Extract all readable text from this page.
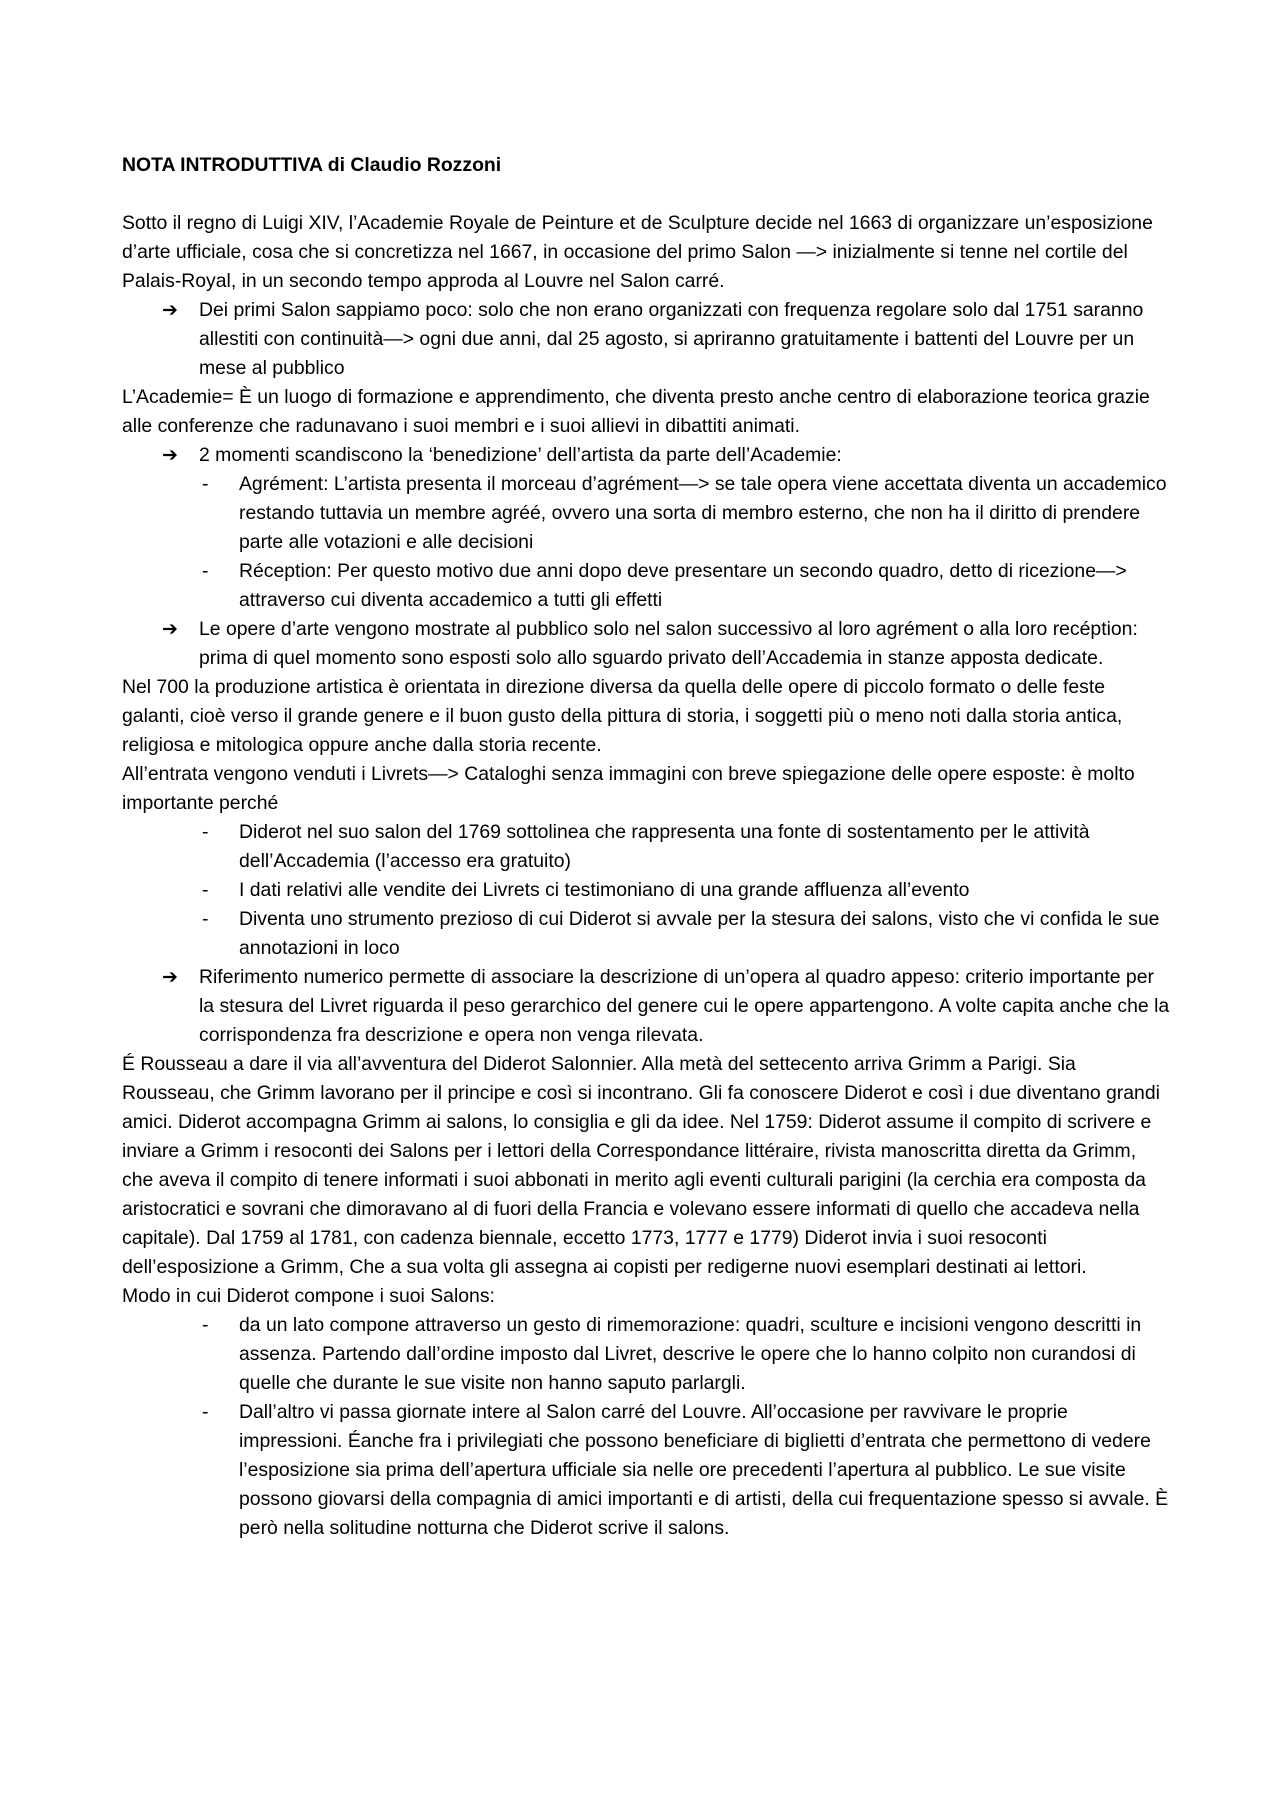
NOTA INTRODUTTIVA di Claudio Rozzoni

Sotto il regno di Luigi XIV, l’Academie Royale de Peinture et de Sculpture decide nel 1663 di organizzare un’esposizione d’arte ufficiale, cosa che si concretizza nel 1667, in occasione del primo Salon —> inizialmente si tenne nel cortile del Palais-Royal, in un secondo tempo approda al Louvre nel Salon carré.
➔ Dei primi Salon sappiamo poco: solo che non erano organizzati con frequenza regolare solo dal 1751 saranno allestiti con continuità—> ogni due anni, dal 25 agosto, si apriranno gratuitamente i battenti del Louvre per un mese al pubblico
L’Academie= È un luogo di formazione e apprendimento, che diventa presto anche centro di elaborazione teorica grazie alle conferenze che radunavano i suoi membri e i suoi allievi in dibattiti animati.
➔ 2 momenti scandiscono la ‘benedizione’ dell’artista da parte dell’Academie:
- Agrément: L’artista presenta il morceau d’agrément—> se tale opera viene accettata diventa un accademico restando tuttavia un membre agréé, ovvero una sorta di membro esterno, che non ha il diritto di prendere parte alle votazioni e alle decisioni
- Réception: Per questo motivo due anni dopo deve presentare un secondo quadro, detto di ricezione—> attraverso cui diventa accademico a tutti gli effetti
➔ Le opere d’arte vengono mostrate al pubblico solo nel salon successivo al loro agrément o alla loro recéption: prima di quel momento sono esposti solo allo sguardo privato dell’Accademia in stanze apposta dedicate.
Nel 700 la produzione artistica è orientata in direzione diversa da quella delle opere di piccolo formato o delle feste galanti, cioè verso il grande genere e il buon gusto della pittura di storia, i soggetti più o meno noti dalla storia antica, religiosa e mitologica oppure anche dalla storia recente.
All’entrata vengono venduti i Livrets—> Cataloghi senza immagini con breve spiegazione delle opere esposte: è molto importante perché
- Diderot nel suo salon del 1769 sottolinea che rappresenta una fonte di sostentamento per le attività dell’Accademia (l’accesso era gratuito)
- I dati relativi alle vendite dei Livrets ci testimoniano di una grande affluenza all’evento
- Diventa uno strumento prezioso di cui Diderot si avvale per la stesura dei salons, visto che vi confida le sue annotazioni in loco
➔ Riferimento numerico permette di associare la descrizione di un’opera al quadro appeso: criterio importante per la stesura del Livret riguarda il peso gerarchico del genere cui le opere appartengono. A volte capita anche che la corrispondenza fra descrizione e opera non venga rilevata.
É Rousseau a dare il via all’avventura del Diderot Salonnier. Alla metà del settecento arriva Grimm a Parigi. Sia Rousseau, che Grimm lavorano per il principe e così si incontrano. Gli fa conoscere Diderot e così i due diventano grandi amici. Diderot accompagna Grimm ai salons, lo consiglia e gli da idee. Nel 1759: Diderot assume il compito di scrivere e inviare a Grimm i resoconti dei Salons per i lettori della Correspondance littéraire, rivista manoscritta diretta da Grimm, che aveva il compito di tenere informati i suoi abbonati in merito agli eventi culturali parigini (la cerchia era composta da aristocratici e sovrani che dimoravano al di fuori della Francia e volevano essere informati di quello che accadeva nella capitale). Dal 1759 al 1781, con cadenza biennale, eccetto 1773, 1777 e 1779) Diderot invia i suoi resoconti dell’esposizione a Grimm, Che a sua volta gli assegna ai copisti per redigerne nuovi esemplari destinati ai lettori.
Modo in cui Diderot compone i suoi Salons:
- da un lato compone attraverso un gesto di rimemorazione: quadri, sculture e incisioni vengono descritti in assenza. Partendo dall’ordine imposto dal Livret, descrive le opere che lo hanno colpito non curandosi di quelle che durante le sue visite non hanno saputo parlargli.
- Dall’altro vi passa giornate intere al Salon carré del Louvre. All’occasione per ravvivare le proprie impressioni. Éanche fra i privilegiati che possono beneficiare di biglietti d’entrata che permettono di vedere l’esposizione sia prima dell’apertura ufficiale sia nelle ore precedenti l’apertura al pubblico. Le sue visite possono giovarsi della compagnia di amici importanti e di artisti, della cui frequentazione spesso si avvale. È però nella solitudine notturna che Diderot scrive il salons.
